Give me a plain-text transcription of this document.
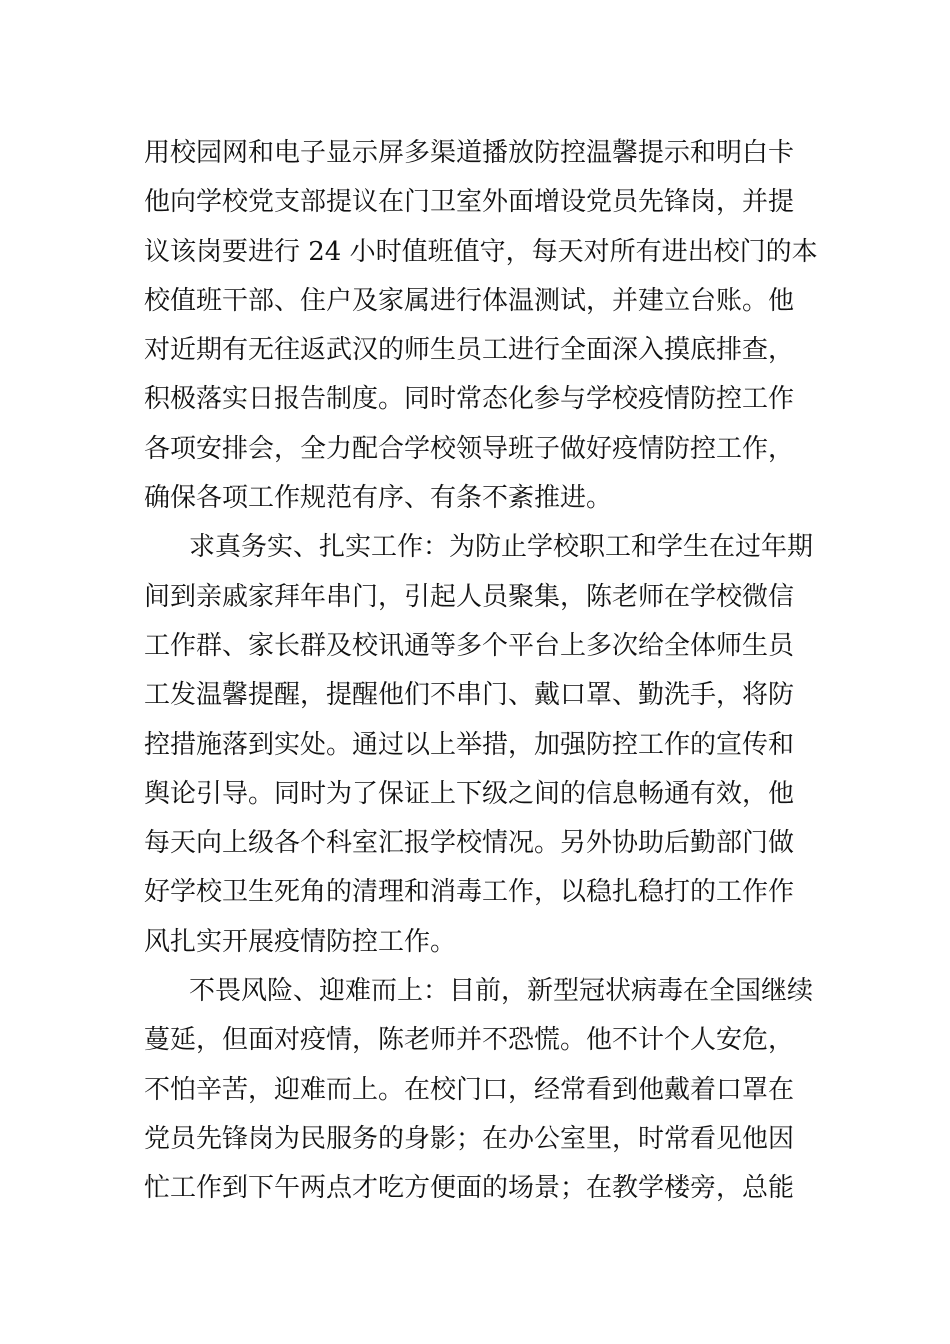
用校园网和电子显示屏多渠道播放防控温馨提示和明白卡
他向学校党支部提议在门卫室外面增设党员先锋岗，并提
议该岗要进行 24 小时值班值守，每天对所有进出校门的本
校值班干部、住户及家属进行体温测试，并建立台账。他
对近期有无往返武汉的师生员工进行全面深入摸底排查，
积极落实日报告制度。同时常态化参与学校疫情防控工作
各项安排会，全力配合学校领导班子做好疫情防控工作，
确保各项工作规范有序、有条不紊推进。
求真务实、扎实工作：为防止学校职工和学生在过年期
间到亲戚家拜年串门，引起人员聚集，陈老师在学校微信
工作群、家长群及校讯通等多个平台上多次给全体师生员
工发温馨提醒，提醒他们不串门、戴口罩、勤洗手，将防
控措施落到实处。通过以上举措，加强防控工作的宣传和
舆论引导。同时为了保证上下级之间的信息畅通有效，他
每天向上级各个科室汇报学校情况。另外协助后勤部门做
好学校卫生死角的清理和消毒工作，以稳扎稳打的工作作
风扎实开展疫情防控工作。
不畏风险、迎难而上：目前，新型冠状病毒在全国继续
蔓延，但面对疫情，陈老师并不恐慌。他不计个人安危，
不怕辛苦，迎难而上。在校门口，经常看到他戴着口罩在
党员先锋岗为民服务的身影；在办公室里，时常看见他因
忙工作到下午两点才吃方便面的场景；在教学楼旁，总能
